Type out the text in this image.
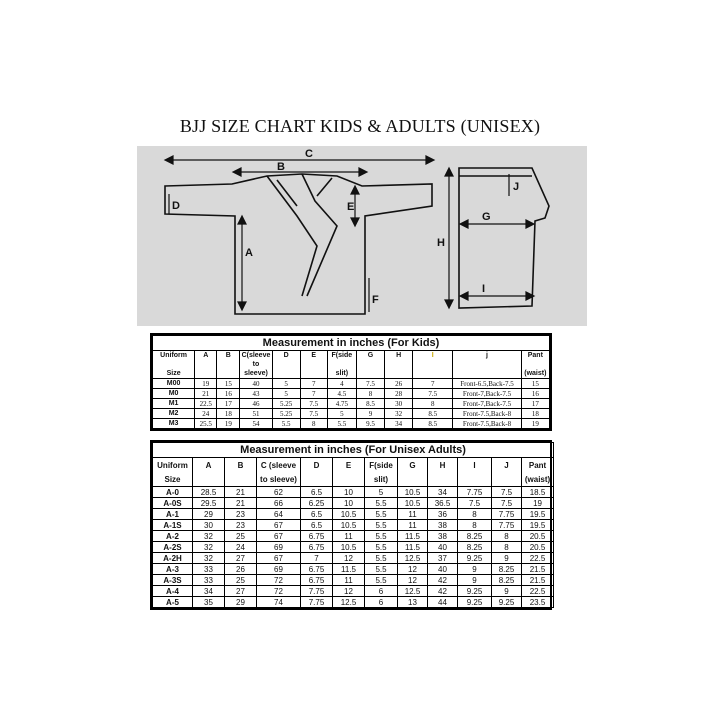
BJJ SIZE CHART KIDS & ADULTS (UNISEX)
C
B
D
A
E
F
H
G
I
J
Measurement in inches (For Kids)											
Uniform	A	B	C(sleeve	D	E	F(side	G	H	I	j	Pant
			to								
Size			sleeve)			slit)					(waist)
M00	19	15	40	5	7	4	7.5	26	7	Front-6.5,Back-7.5	15
M0	21	16	43	5	7	4.5	8	28	7.5	Front-7,Back-7.5	16
M1	22.5	17	46	5.25	7.5	4.75	8.5	30	8	Front-7,Back-7.5	17
M2	24	18	51	5.25	7.5	5	9	32	8.5	Front-7.5,Back-8	18
M3	25.5	19	54	5.5	8	5.5	9.5	34	8.5	Front-7.5,Back-8	19
Measurement in inches (For Unisex Adults)											
Uniform	A	B	C (sleeve	D	E	F(side	G	H	I	J	Pant
Size			to sleeve)			slit)					(waist)
A-0	28.5	21	62	6.5	10	5	10.5	34	7.75	7.5	18.5
A-0S	29.5	21	66	6.25	10	5.5	10.5	36.5	7.5	7.5	19
A-1	29	23	64	6.5	10.5	5.5	11	36	8	7.75	19.5
A-1S	30	23	67	6.5	10.5	5.5	11	38	8	7.75	19.5
A-2	32	25	67	6.75	11	5.5	11.5	38	8.25	8	20.5
A-2S	32	24	69	6.75	10.5	5.5	11.5	40	8.25	8	20.5
A-2H	32	27	67	7	12	5.5	12.5	37	9.25	9	22.5
A-3	33	26	69	6.75	11.5	5.5	12	40	9	8.25	21.5
A-3S	33	25	72	6.75	11	5.5	12	42	9	8.25	21.5
A-4	34	27	72	7.75	12	6	12.5	42	9.25	9	22.5
A-5	35	29	74	7.75	12.5	6	13	44	9.25	9.25	23.5
